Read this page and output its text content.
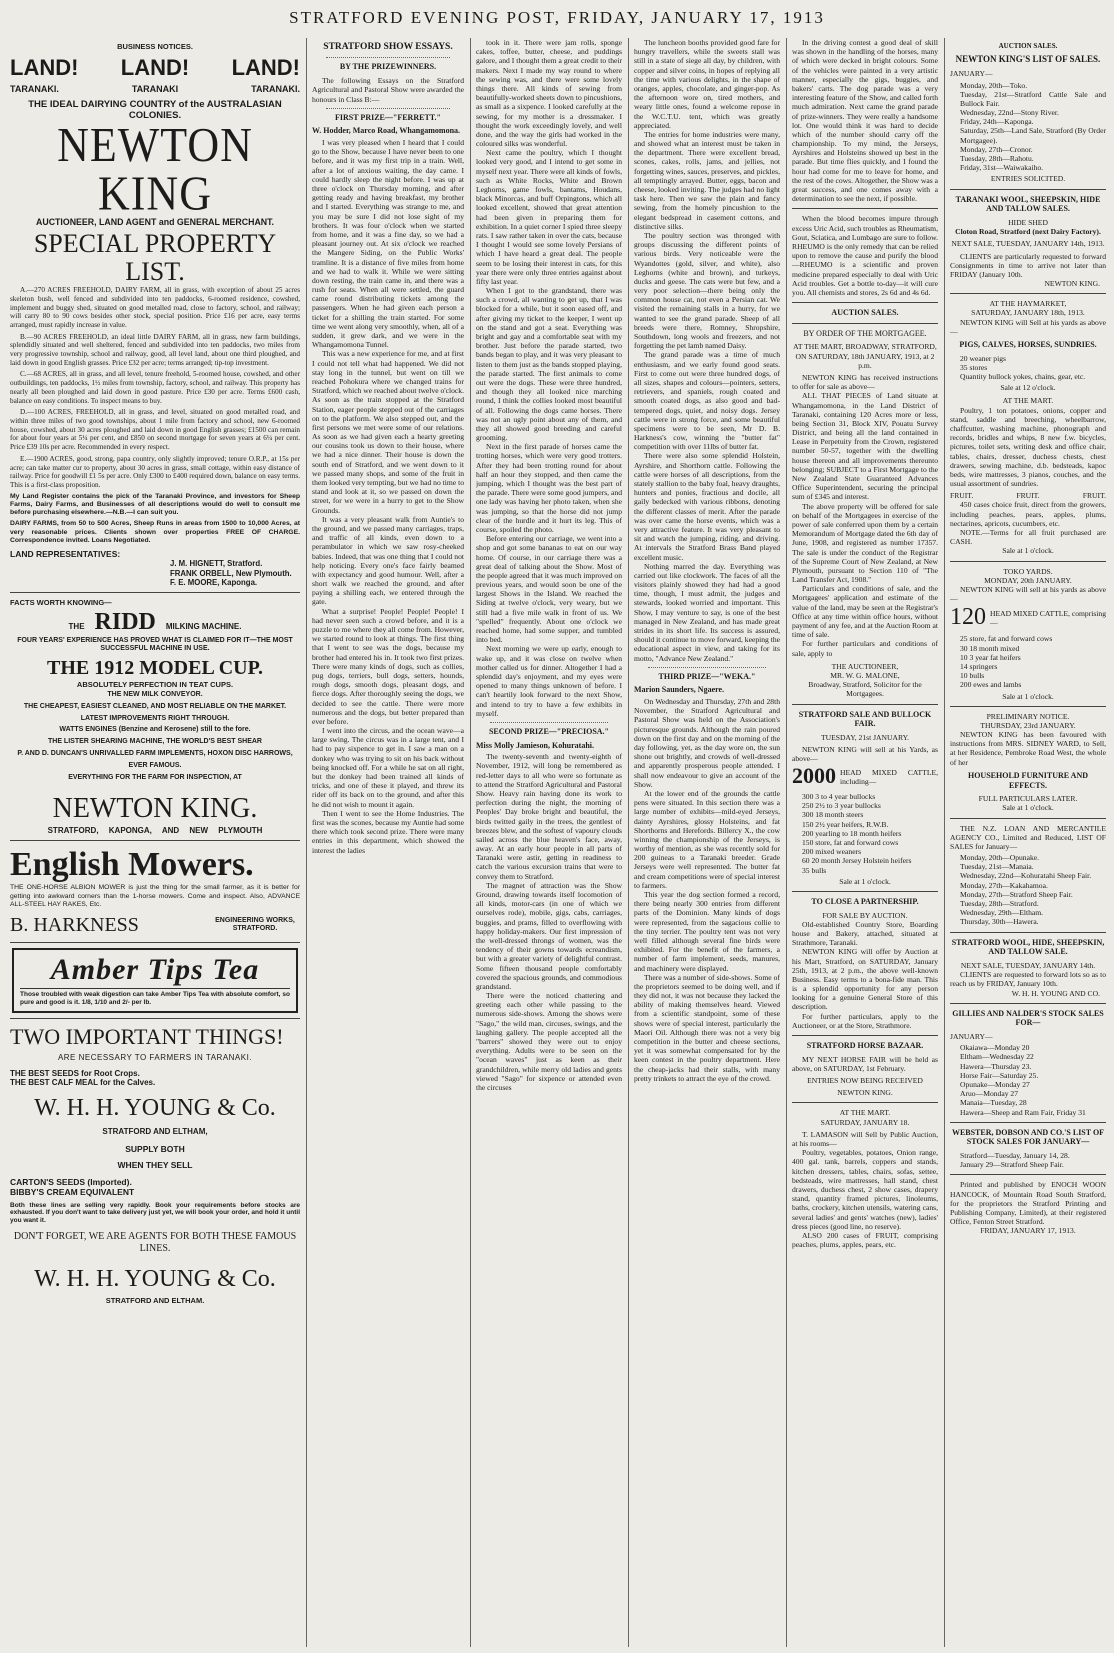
STRATFORD EVENING POST, FRIDAY, JANUARY 17, 1913
BUSINESS NOTICES.
LAND! LAND! LAND!
TARANAKI.	TARANAKI	TARANAKI.
THE IDEAL DAIRYING COUNTRY of the AUSTRALASIAN COLONIES.
NEWTON KING
AUCTIONEER, LAND AGENT and GENERAL MERCHANT.
SPECIAL PROPERTY LIST.

A.—270 ACRES FREEHOLD, DAIRY FARM, all in grass, with exception of about 25 acres skeleton bush, well fenced and subdivided into ten paddocks, 6-roomed residence, cowshed, implement and buggy shed, situated on good metalled road, close to factory, school, and railway; will carry 80 to 90 cows besides other stock, special position. Price £16 per acre, easy terms arranged, must rapidly increase in value.

B.—90 ACRES FREEHOLD, an ideal little DAIRY FARM, all in grass, new farm buildings, splendidly situated and well sheltered, fenced and subdivided into ten paddocks, two miles from very progressive township, school and railway, good, all level land, about one third ploughed, and laid down in good English grasses. Price £32 per acre; terms arranged; tip-top investment.

C.—68 ACRES, all in grass, and all level, tenure freehold, 5-roomed house, cowshed, and other outbuildings, ten paddocks, 1½ miles from township, factory, school, and railway. This property has nearly all been ploughed and laid down in good pasture. Price £30 per acre. Terms £600 cash, balance on easy conditions. To inspect means to buy.

D.—100 ACRES, FREEHOLD, all in grass, and level, situated on good metalled road, and within three miles of two good townships, about 1 mile from factory and school, new 6-roomed house, cowshed, about 30 acres ploughed and laid down in good English grasses; £1500 can remain for about four years at 5¼ per cent, and £850 on second mortgage for seven years at 6¼ per cent. Price £39 10s per acre. Recommended in every respect.

E.—1900 ACRES, good, strong, papa country, only slightly improved; tenure O.R.P., at 15s per acre; can take matter cur to property, about 30 acres in grass, small cottage, within easy distance of railway. Price for goodwill £1 5s per acre. Only £300 to £400 required down, balance on easy terms. This is a first-class proposition.

My Land Register contains the pick of the Taranaki Province, and investors for Sheep Farms, Dairy Farms, and Businesses of all descriptions would do well to consult me before purchasing elsewhere.—N.B.—I can suit you.

DAIRY FARMS, from 50 to 500 Acres, Sheep Runs in areas from 1500 to 10,000 Acres, at very reasonable prices. Clients shown over properties FREE OF CHARGE. Correspondence invited. Loans Negotiated.

LAND REPRESENTATIVES:
J. M. HIGNETT, Stratford.
FRANK ORBELL, New Plymouth.
F. E. MOORE, Kaponga.
FACTS WORTH KNOWING—
THE RIDD MILKING MACHINE.
FOUR YEARS' EXPERIENCE HAS PROVED WHAT IS CLAIMED FOR IT—THE MOST SUCCESSFUL MACHINE IN USE.
THE 1912 MODEL CUP.
ABSOLUTELY PERFECTION IN TEAT CUPS.
THE NEW MILK CONVEYOR.
THE CHEAPEST, EASIEST CLEANED, AND MOST RELIABLE ON THE MARKET.
LATEST IMPROVEMENTS RIGHT THROUGH.
WATTS ENGINES (Benzine and Kerosene) still to the fore.
THE LISTER SHEARING MACHINE, THE WORLD'S BEST SHEAR
P. AND D. DUNCAN'S UNRIVALLED FARM IMPLEMENTS, HOXON DISC HARROWS, EVER FAMOUS.
EVERYTHING FOR THE FARM FOR INSPECTION, AT
NEWTON KING.
STRATFORD, KAPONGA, AND NEW PLYMOUTH
English Mowers.

THE ONE-HORSE ALBION MOWER is just the thing for the small farmer, as it is better for getting into awkward corners than the 1-horse mowers. Come and inspect. Also, ADVANCE ALL-STEEL HAY RAKES, Etc.

B. HARKNESS	ENGINEERING WORKS, STRATFORD.
Amber Tips Tea
Those troubled with weak digestion can take Amber Tips Tea with absolute comfort, so pure and good is it. 1/8, 1/10 and 2/- per lb.
TWO IMPORTANT THINGS!
ARE NECESSARY TO FARMERS IN TARANAKI.
THE BEST SEEDS for Root Crops.
THE BEST CALF MEAL for the Calves.
W. H. H. YOUNG & Co.
STRATFORD AND ELTHAM,
SUPPLY BOTH
WHEN THEY SELL
CARTON'S SEEDS (Imported).
BIBBY'S CREAM EQUIVALENT

Both these lines are selling very rapidly. Book your requirements before stocks are exhausted. If you don't want to take delivery just yet, we will book your order, and hold it until you want it.

DON'T FORGET, WE ARE AGENTS FOR BOTH THESE FAMOUS LINES.
W. H. H. YOUNG & Co.
STRATFORD AND ELTHAM.
STRATFORD SHOW ESSAYS.
BY THE PRIZEWINNERS.

The following Essays on the Stratford Agricultural and Pastoral Show were awarded the honours in Class B:—

FIRST PRIZE—"FERRETT."
W. Hodder, Marco Road, Whangamomona.

I was very pleased when I heard that I could go to the Show, because I have never been to one before, and it was my first trip in a train. Well, after a lot of anxious waiting, the day came. I could hardly sleep the night before. I was up at three o'clock on Thursday morning, and after getting ready and having breakfast, my brother and I started. Everything was strange to me, and you may be sure I did not lose sight of my brothers. It was four o'clock when we started from home, and it was a fine day, so we had a pleasant journey out. At six o'clock we reached the Mangere Siding, on the Public Works' tramline. It is a distance of five miles from home and we had to walk it. While we were sitting down resting, the train came in, and there was a rush for seats. When all were settled, the guard came round distributing tickets among the passengers. When he had given each person a ticket for a shilling the train started. For some time we went along very smoothly, when, all of a sudden, it grew dark, and we were in the Whangamomona Tunnel.

This was a new experience for me, and at first I could not tell what had happened. We did not stay long in the tunnel, but went on till we reached Pohokura where we changed trains for Stratford, which we reached about twelve o'clock. As soon as the train stopped at the Stratford Station, eager people stepped out of the carriages on to the platform. We also stepped out, and the first persons we met were some of our relations. As soon as we had given each a hearty greeting our cousins took us down to their house, where we had a nice dinner. Their house is down the south end of Stratford, and we went down to it we passed many shops, and some of the fruit in them looked very tempting, but we had no time to stand and look at it, so we passed on down the street, for we were in a hurry to get to the Show Grounds.

It was a very pleasant walk from Auntie's to the ground, and we passed many carriages, traps, and traffic of all kinds, even down to a perambulator in which we saw rosy-cheeked babies. Indeed, that was one thing that I could not help noticing. Every one's face fairly beamed with expectancy and good humour. Well, after a short walk we reached the ground, and after paying a shilling each, we entered through the gate.

What a surprise! People! People! People! I had never seen such a crowd before, and it is a puzzle to me where they all come from. However, we started round to look at things. The first thing that I went to see was the dogs, because my brother had entered his in. It took two first prizes. There were many kinds of dogs, such as collies, pug dogs, terriers, bull dogs, setters, hounds, rough dogs, smooth dogs, pleasant dogs, and fierce dogs. After thoroughly seeing the dogs, we decided to see the cattle. There were more numerous and the dogs, but better prepared than ever before.

I went into the circus, and the ocean wave—a large swing. The circus was in a large tent, and I had to pay sixpence to get in. I saw a man on a donkey who was trying to sit on his back without being knocked off. For a while he sat on all right, but the donkey had been trained all kinds of tricks, and one of these it played, and threw its rider off its back on to the ground, and after this he did not wish to mount it again.

Then I went to see the Home Industries. The first was the scones, because my Auntie had some there which took second prize. There were many entries in this department, which showed the interest the ladies

took in it. There were jam rolls, sponge cakes, toffee, butter, cheese, and puddings galore, and I thought them a great credit to their makers. Next I made my way round to where the sewing was, and there were some lovely things there. All kinds of sewing from beautifully-worked sheets down to pincushions, as small as a sixpence. I looked carefully at the sewing, for my mother is a dressmaker. I thought the work exceedingly lovely, and well done, and the way the girls had worked in the coloured silks was wonderful.

Next came the poultry, which I thought looked very good, and I intend to get some in myself next year. There were all kinds of fowls, such as White Rocks, White and Brown Leghorns, game fowls, bantams, Houdans, black Minorcas, and buff Orpingtons, which all looked excellent, showed that great attention had been given in preparing them for exhibition. In a quiet corner I spied three sleepy rats. I saw rather taken in over the cats, because I thought I would see some lovely Persians of which I have heard a great deal. The people seem to be losing their interest in cats, for this year there were only three entries against about fifty last year.

When I got to the grandstand, there was such a crowd, all wanting to get up, that I was blocked for a while, but it soon eased off, and after giving my ticket to the keeper, I went up on the stand and got a seat. Everything was bright and gay and a comfortable seat with my brother. Just before the parade started, two bands began to play, and it was very pleasant to listen to them just as the bands stopped playing, the parade started. The first animals to come out were the dogs. These were three hundred, and though they all looked nice marching round, I think the collies looked most beautiful of all. Following the dogs came horses. There was not an ugly point about any of them, and they all showed good breeding and careful grooming.

Next in the first parade of horses came the trotting horses, which were very good trotters. After they had been trotting round for about half an hour they stopped, and then came the jumping, which I thought was the best part of the parade. There were some good jumpers, and one lady was having her photo taken, when she was jumping, so that the horse did not jump clear of the hurdle and it hurt its leg. This of course, spoiled the photo.

Before entering our carriage, we went into a shop and got some bananas to eat on our way home. Of course, in our carriage there was a great deal of talking about the Show. Most of the people agreed that it was much improved on previous years, and would soon be one of the largest Shows in the Island. We reached the Siding at twelve o'clock, very weary, but we still had a five mile walk in front of us. We "spelled" frequently. About one o'clock we reached home, had some supper, and tumbled into bed.

Next morning we were up early, enough to wake up, and it was close on twelve when mother called us for dinner. Altogether I had a splendid day's enjoyment, and my eyes were opened to many things unknown of before. I can't heartily look forward to the next Show, and intend to try to have a few exhibits in myself.

SECOND PRIZE—"PRECIOSA."
Miss Molly Jamieson, Kohuratahi.

The twenty-seventh and twenty-eighth of November, 1912, will long be remembered as red-letter days to all who were so fortunate as to attend the Stratford Agricultural and Pastoral Show. Heavy rain having done its work to perfection during the night, the morning of Peoples' Day broke bright and beautiful, the birds twitted gaily in the trees, the gentlest of breezes blew, and the softest of vapoury clouds sailed across the blue heaven's face, away, away. At an early hour people in all parts of Taranaki were astir, getting in readiness to catch the various excursion trains that were to convey them to Stratford.

The magnet of attraction was the Show Ground, drawing towards itself locomotion of all kinds, motor-cars (in one of which we ourselves rode), mobile, gigs, cabs, carriages, buggies, and prams, filled to overflowing with happy holiday-makers. Our first impression of the well-dressed throngs of women, was the tendency of their gowns towards ecreandism, but with a greater variety of delightful contrast. Some fifteen thousand people comfortably covered the spacious grounds, and commodious grandstand.

There were the noticed chattering and greeting each other while passing to the numerous side-shows. Among the shows were "Sago," the wild man, circuses, swings, and the laughing gallery. The people accepted all the "barrers" showed they were out to enjoy everything. Adults were to be seen on the "ocean waves" just as keen as their grandchildren, while merry old ladies and gents viewed "Sago" for sixpence or attended even the circuses

The luncheon booths provided good fare for hungry travellers, while the sweets stall was still in a state of siege all day, by children, with copper and silver coins, in hopes of replying all the time with various delights, in the shape of oranges, apples, chocolate, and ginger-pop. As the afternoon wore on, tired mothers, and weary little ones, found a welcome repose in the W.C.T.U. tent, which was greatly appreciated.

The entries for home industries were many, and showed what an interest must be taken in the department. There were excellent bread, scones, cakes, rolls, jams, and jellies, not forgetting wines, sauces, preserves, and pickles, all temptingly arrayed. Butter, eggs, bacon and cheese, looked inviting. The judges had no light task here. Then we saw the plain and fancy sewing, from the homely pincushion to the elegant bedspread in casement cottons, and distinctive silks.

The poultry section was thronged with groups discussing the different points of various birds. Very noticeable were the Wyandottes (gold, silver, and white), also Leghorns (white and brown), and turkeys, ducks and geese. The cats were but few, and a very poor selection—there being only the common house cat, not even a Persian cat. We visited the remaining stalls in a hurry, for we wanted to see the grand parade. Sheep of all breeds were there, Romney, Shropshire, Southdown, long wools and freezers, and not forgetting the pet lamb named Daisy.

The grand parade was a time of much enthusiasm, and we early found good seats. First to come out were three hundred dogs, of all sizes, shapes and colours—pointers, setters, retrievers, and spaniels, rough coated and smooth coated dogs, as also good and bad-tempered dogs, quiet, and noisy dogs. Jersey cattle were in strong force, and some beautiful specimens were to be seen, Mr D. B. Harkness's cow, winning the "butter fat" competition with over 11lbs of butter fat.

There were also some splendid Holstein, Ayrshire, and Shorthorn cattle. Following the cattle were horses of all descriptions, from the stately stallion to the baby foal, heavy draughts, hunters and ponies, fractious and docile, all gaily bedecked with various ribbons, denoting the different classes of merit. After the parade was over came the horse events, which was a very attractive feature. It was very pleasant to sit and watch the jumping, riding, and driving. At intervals the Stratford Brass Band played excellent music.

Nothing marred the day. Everything was carried out like clockwork. The faces of all the visitors plainly showed they had had a good time, though, I must admit, the judges and stewards, looked worried and important. This Show, I may venture to say, is one of the best managed in New Zealand, and has made great strides in its short life. Its success is assured, should it continue to move forward, keeping the educational aspect in view, and taking for its motto, "Advance New Zealand."

THIRD PRIZE—"WEKA."
Marion Saunders, Ngaere.

On Wednesday and Thursday, 27th and 28th November, the Stratford Agricultural and Pastoral Show was held on the Association's picturesque grounds. Although the rain poured down on the first day and on the morning of the day following, yet, as the day wore on, the sun shone out brightly, and crowds of well-dressed and apparently prosperous people attended. I shall now endeavour to give an account of the Show.

At the lower end of the grounds the cattle pens were situated. In this section there was a large number of exhibits—mild-eyed Jerseys, dainty Ayrshires, glossy Holsteins, and fat Shorthorns and Herefords. Billercy X., the cow winning the championship of the Jerseys, is worthy of mention, as she was recently sold for 200 guineas to a Taranaki breeder. Grade Jerseys were well represented. The butter fat and cream competitions were of special interest to farmers.

This year the dog section formed a record, there being nearly 300 entries from different parts of the Dominion. Many kinds of dogs were represented, from the sagacious collie to the tiny terrier. The poultry tent was not very well filled although several fine birds were exhibited. For the benefit of the farmers, a number of farm implement, seeds, manures, and machinery were displayed.

There was a number of side-shows. Some of the proprietors seemed to be doing well, and if they did not, it was not because they lacked the ability of making themselves heard. Viewed from a scientific standpoint, some of these shows were of special interest, particularly the Maori Oil. Although there was not a very big competition in the butter and cheese sections, yet it was somewhat compensated for by the keen contest in the poultry department. Here the cheap-jacks had their stalls, with many pretty trinkets to attract the eye of the crowd.

In the driving contest a good deal of skill was shown in the handling of the horses, many of which were decked in bright colours. Some of the vehicles were painted in a very artistic manner, especially the gigs, buggies, and bakers' carts. The dog parade was a very interesting feature of the Show, and called forth much admiration. Next came the grand parade of prize-winners. They were really a handsome lot. One would think it was hard to decide which of the number should carry off the championship. To my mind, the Jerseys, Ayrshires and Holsteins showed up best in the parade. But time flies quickly, and I found the hour had come for me to leave for home, and the rest of the cows. Altogether, the Show was a great success, and one comes away with a determination to see the next, if possible.

When the blood becomes impure through excess Uric Acid, such troubles as Rheumatism, Gout, Sciatica, and Lumbago are sure to follow. RHEUMO is the only remedy that can be relied upon to remove the cause and purify the blood—RHEUMO is a scientific and proven medicine prepared especially to deal with Uric Acid troubles. Get a bottle to-day—it will cure you. All chemists and stores, 2s 6d and 4s 6d.

AUCTION SALES.
BY ORDER OF THE MORTGAGEE.
AT THE MART, BROADWAY, STRATFORD, ON SATURDAY, 18th JANUARY, 1913, at 2 p.m.

NEWTON KING has received instructions to offer for sale as above—

ALL THAT PIECES of Land situate at Whangamomona, in the Land District of Taranaki, containing 120 Acres more or less, being Section 31, Block XIV, Pouatu Survey District, and being all the land contained in Lease in Perpetuity from the Crown, registered number 50-57, together with the dwelling house thereon and all improvements thereunto belonging; SUBJECT to a First Mortgage to the New Zealand State Guaranteed Advances Office Superintendent, securing the principal sum of £345 and interest.

The above property will be offered for sale on behalf of the Mortgagees in exercise of the power of sale conferred upon them by a certain Memorandum of Mortgage dated the 6th day of June, 1908, and registered as number 17357. The sale is under the conduct of the Registrar of the Supreme Court of New Zealand, at New Plymouth, pursuant to Section 110 of "The Land Transfer Act, 1908."

Particulars and conditions of sale, and the Mortgagees' application and estimate of the value of the land, may be seen at the Registrar's Office at any time within office hours, without payment of any fee, and at the Auction Room at time of sale.

For further particulars and conditions of sale, apply to

THE AUCTIONEER,
MR. W. G. MALONE,
Broadway, Stratford, Solicitor for the Mortgagees.
STRATFORD SALE AND BULLOCK FAIR.
TUESDAY, 21st JANUARY.

NEWTON KING will sell at his Yards, as above—

2000 HEAD MIXED CATTLE, including—
300 3 to 4 year bullocks
250 2½ to 3 year bullocks
300 18 month steers
150 2½ year heifers, R.W.B.
200 yearling to 18 month heifers
150 store, fat and forward cows
200 mixed weaners
60 20 month Jersey Holstein heifers
35 bulls
Sale at 1 o'clock.
TO CLOSE A PARTNERSHIP.
FOR SALE BY AUCTION.

Old-established Country Store, Boarding house and Bakery, attached, situated at Strathmore, Taranaki.

NEWTON KING will offer by Auction at his Mart, Stratford, on SATURDAY, January 25th, 1913, at 2 p.m., the above well-known Business. Easy terms to a bona-fide man. This is a splendid opportunity for any person looking for a genuine General Store of this description.

For further particulars, apply to the Auctioneer, or at the Store, Strathmore.

STRATFORD HORSE BAZAAR.

MY NEXT HORSE FAIR will be held as above, on SATURDAY, 1st February.

ENTRIES NOW BEING RECEIVED
NEWTON KING.
AT THE MART.
SATURDAY, JANUARY 18.

T. LAMASON will Sell by Public Auction, at his rooms—

Poultry, vegetables, potatoes, Onion range, 400 gal. tank, barrels, coppers and stands, kitchen dressers, tables, chairs, sofas, settee, bedsteads, wire mattresses, hall stand, chest drawers, duchess chest, 2 show cases, drapery stand, quantity framed pictures, linoleums, baths, crockery, kitchen utensils, watering cans, several ladies' and gents' watches (new), ladies' dress pieces (good line, no reserve).

ALSO 200 cases of FRUIT, comprising peaches, plums, apples, pears, etc.

AUCTION SALES.
NEWTON KING'S LIST OF SALES.
JANUARY—
Monday, 20th—Toko.
Tuesday, 21st—Stratford Cattle Sale and Bullock Fair.
Wednesday, 22nd—Stony River.
Friday, 24th—Kaponga.
Saturday, 25th—Land Sale, Stratford (By Order Mortgagee).
Monday, 27th—Cronor.
Tuesday, 28th—Rahotu.
Friday, 31st—Waiwakaiho.
ENTRIES SOLICITED.
TARANAKI WOOL, SHEEPSKIN, HIDE AND TALLOW SALES.
HIDE SHED
Cloton Road, Stratford (next Dairy Factory).
NEXT SALE, TUESDAY, JANUARY 14th, 1913.

CLIENTS are particularly requested to forward Consignments in time to arrive not later than FRIDAY (January 10th.

NEWTON KING.
AT THE HAYMARKET,
SATURDAY, JANUARY 18th, 1913.

NEWTON KING will Sell at his yards as above—

PIGS, CALVES, HORSES, SUNDRIES.
20 weaner pigs
35 stores
Quantity bullock yokes, chains, gear, etc.
Sale at 12 o'clock.
AT THE MART.

Poultry, 1 ton potatoes, onions, copper and stand, saddle and breeching, wheelbarrow, chaffcutter, washing machine, phonograph and records, bridles and whips, 8 new f.w. bicycles, pictures, toilet sets, writing desk and office chair, tables, chairs, dresser, duchess chests, chest drawers, sewing machine, d.b. bedsteads, kapoc beds, wire mattresses, 3 pianos, couches, and the usual assortment of sundries.

FRUIT.	FRUIT.	FRUIT.

450 cases choice fruit, direct from the growers, including peaches, pears, apples, plums, nectarines, apricots, cucumbers, etc.

NOTE.—Terms for all fruit purchased are CASH.

Sale at 1 o'clock.
TOKO YARDS.
MONDAY, 20th JANUARY.

NEWTON KING will sell at his yards as above—

120 HEAD MIXED CATTLE, comprising—
25 store, fat and forward cows
30 18 month mixed
10 3 year fat heifers
14 springers
10 bulls
200 ewes and lambs
Sale at 1 o'clock.
PRELIMINARY NOTICE.
THURSDAY, 23rd JANUARY.

NEWTON KING has been favoured with instructions from MRS. SIDNEY WARD, to Sell, at her Residence, Pembroke Road West, the whole of her

HOUSEHOLD FURNITURE AND EFFECTS.
FULL PARTICULARS LATER.
Sale at 1 o'clock.

THE N.Z. LOAN AND MERCANTILE AGENCY CO., Limited and Reduced, LIST OF SALES for January—

Monday, 20th—Opunake.
Tuesday, 21st—Manaia.
Wednesday, 22nd—Kohuratahi Sheep Fair.
Monday, 27th—Kakahamoa.
Monday, 27th—Stratford Sheep Fair.
Tuesday, 28th—Stratford.
Wednesday, 29th—Eltham.
Thursday, 30th—Hawera.
STRATFORD WOOL, HIDE, SHEEPSKIN, AND TALLOW SALE.
NEXT SALE, TUESDAY, JANUARY 14th.

CLIENTS are requested to forward lots so as to reach us by FRIDAY, January 10th.

W. H. H. YOUNG AND CO.
GILLIES AND NALDER'S STOCK SALES FOR—
JANUARY—
Okaiawa—Monday 20
Eltham—Wednesday 22
Hawera—Thursday 23.
Horse Fair—Saturday 25.
Opunake—Monday 27
Aruo—Monday 27
Manaia—Tuesday, 28
Hawera—Sheep and Ram Fair, Friday 31
WEBSTER, DOBSON AND CO.'S LIST OF STOCK SALES FOR JANUARY—
Stratford—Tuesday, January 14, 28.
January 29—Stratford Sheep Fair.

Printed and published by ENOCH WOON HANCOCK, of Mountain Road South Stratford, for the proprietors the Stratford Printing and Publishing Company, Limited), at their registered Office, Fenton Street Stratford.

FRIDAY, JANUARY 17, 1913.
